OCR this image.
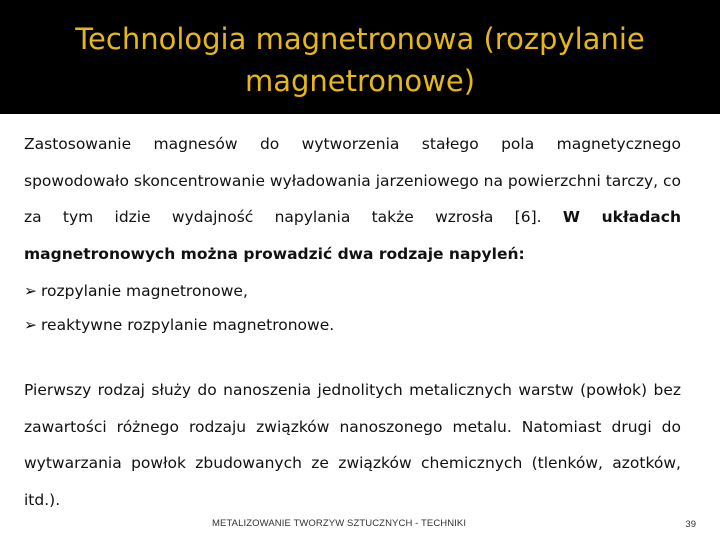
Technologia magnetronowa (rozpylanie
magnetronowe)

Zastosowanie magnesów do wytworzenia stałego pola magnetycznego spowodowało skoncentrowanie wyładowania jarzeniowego na powierzchni tarczy, co za tym idzie wydajność napylania także wzrosła [6]. W układach magnetronowych można prowadzić dwa rodzaje napyleń:

➢ rozpylanie magnetronowe,
➢ reaktywne rozpylanie magnetronowe.

Pierwszy rodzaj służy do nanoszenia jednolitych metalicznych warstw (powłok) bez zawartości różnego rodzaju związków nanoszonego metalu. Natomiast drugi do wytwarzania powłok zbudowanych ze związków chemicznych (tlenków, azotków, itd.).

METALIZOWANIE TWORZYW SZTUCZNYCH - TECHNIKI	39
